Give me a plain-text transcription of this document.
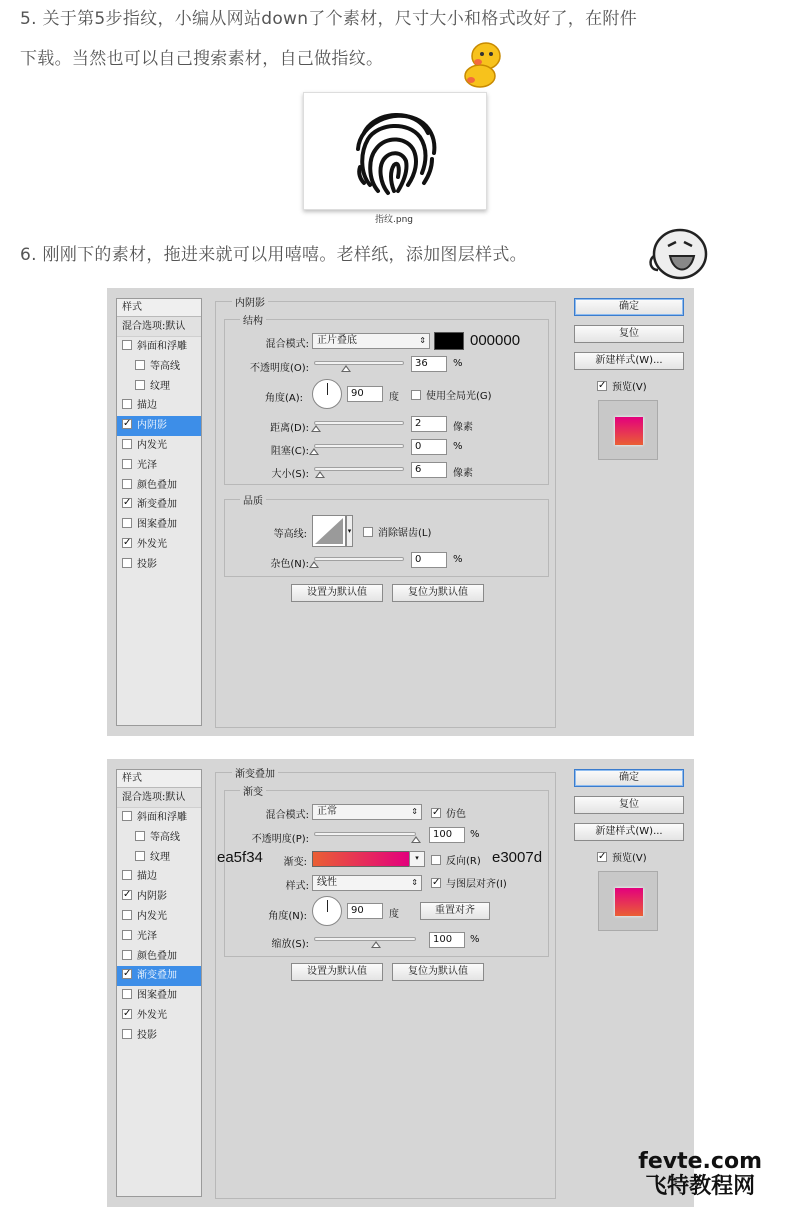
5. 关于第5步指纹，小编从网站down了个素材，尺寸大小和格式改好了，在附件
下载。当然也可以自己搜索素材，自己做指纹。
指纹.png
6. 刚刚下的素材，拖进来就可以用嘻嘻。老样纸，添加图层样式。
样式
混合选项:默认
斜面和浮雕
等高线
纹理
描边
✓ 内阴影
内发光
光泽
颜色叠加
✓ 渐变叠加
图案叠加
✓ 外发光
投影
内阴影
结构
混合模式: 正片叠底	⇕	000000
不透明度(O):	36	%
角度(A):	90	度	使用全局光(G)
距离(D):	2	像素
阻塞(C):	0	%
大小(S):	6	像素
品质
等高线:	▾	消除锯齿(L)
杂色(N):	0	%
设置为默认值	复位为默认值
确定
复位
新建样式(W)...
✓ 预览(V)
样式
混合选项:默认
斜面和浮雕
等高线
纹理
描边
✓ 内阴影
内发光
光泽
颜色叠加
✓ 渐变叠加
图案叠加
✓ 外发光
投影
渐变叠加
渐变
混合模式: 正常	⇕ ✓ 仿色
不透明度(P):	100	%
ea5f34	渐变:	▾	反向(R) e3007d
样式: 线性	⇕ ✓ 与图层对齐(I)
角度(N):
90	度	重置对齐
缩放(S):	100	%
设置为默认值	复位为默认值
确定
复位
新建样式(W)...
✓ 预览(V)
fevte.com
飞特教程网
